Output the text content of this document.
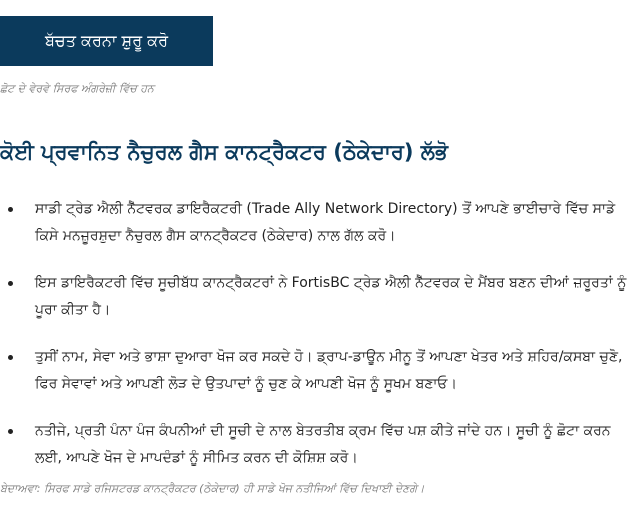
ਬੱਚਤ ਕਰਨਾ ਸ਼ੁਰੂ ਕਰੋ
ਛੋਟ ਦੇ ਵੇਰਵੇ ਸਿਰਫ ਅੰਗਰੇਜ਼ੀ ਵਿੱਚ ਹਨ
ਕੋਈ ਪ੍ਰਵਾਨਿਤ ਨੈਚੁਰਲ ਗੈਸ ਕਾਨਟ੍ਰੈਕਟਰ (ਠੇਕੇਦਾਰ) ਲੱਭੋ
ਸਾਡੀ ਟ੍ਰੇਡ ਐਲੀ ਨੈੱਟਵਰਕ ਡਾਇਰੈਕਟਰੀ (Trade Ally Network Directory) ਤੋਂ ਆਪਣੇ ਭਾਈਚਾਰੇ ਵਿੱਚ ਸਾਡੇ ਕਿਸੇ ਮਨਜ਼ੂਰਸ਼ੁਦਾ ਨੈਚੁਰਲ ਗੈਸ ਕਾਨਟ੍ਰੈਕਟਰ (ਠੇਕੇਦਾਰ) ਨਾਲ ਗੱਲ ਕਰੋ।
ਇਸ ਡਾਇਰੈਕਟਰੀ ਵਿੱਚ ਸੂਚੀਬੱਧ ਕਾਨਟ੍ਰੈਕਟਰਾਂ ਨੇ FortisBC ਟ੍ਰੇਡ ਐਲੀ ਨੈੱਟਵਰਕ ਦੇ ਮੈਂਬਰ ਬਣਨ ਦੀਆਂ ਜ਼ਰੂਰਤਾਂ ਨੂੰ ਪੂਰਾ ਕੀਤਾ ਹੈ।
ਤੁਸੀਂ ਨਾਮ, ਸੇਵਾ ਅਤੇ ਭਾਸ਼ਾ ਦੁਆਰਾ ਖੋਜ ਕਰ ਸਕਦੇ ਹੋ। ਡ੍ਰਾਪ-ਡਾਊਨ ਮੀਨੂ ਤੋਂ ਆਪਣਾ ਖੇਤਰ ਅਤੇ ਸ਼ਹਿਰ/ਕਸਬਾ ਚੁਣੋ, ਫਿਰ ਸੇਵਾਵਾਂ ਅਤੇ ਆਪਣੀ ਲੋੜ ਦੇ ਉਤਪਾਦਾਂ ਨੂੰ ਚੁਣ ਕੇ ਆਪਣੀ ਖੋਜ ਨੂੰ ਸੂਖਮ ਬਣਾਓ।
ਨਤੀਜੇ, ਪ੍ਰਤੀ ਪੰਨਾ ਪੰਜ ਕੰਪਨੀਆਂ ਦੀ ਸੂਚੀ ਦੇ ਨਾਲ ਬੇਤਰਤੀਬ ਕ੍ਰਮ ਵਿੱਚ ਪਸ਼ ਕੀਤੇ ਜਾਂਦੇ ਹਨ। ਸੂਚੀ ਨੂੰ ਛੋਟਾ ਕਰਨ ਲਈ, ਆਪਣੇ ਖੋਜ ਦੇ ਮਾਪਦੰਡਾਂ ਨੂੰ ਸੀਮਿਤ ਕਰਨ ਦੀ ਕੋਸ਼ਿਸ਼ ਕਰੋ।
ਬੇਦਾਅਵਾ: ਸਿਰਫ ਸਾਡੇ ਰਜਿਸਟਰਡ ਕਾਨਟ੍ਰੈਕਟਰ (ਠੇਕੇਦਾਰ) ਹੀ ਸਾਡੇ ਖੋਜ ਨਤੀਜਿਆਂ ਵਿੱਚ ਦਿਖਾਈ ਦੇਣਗੇ।
